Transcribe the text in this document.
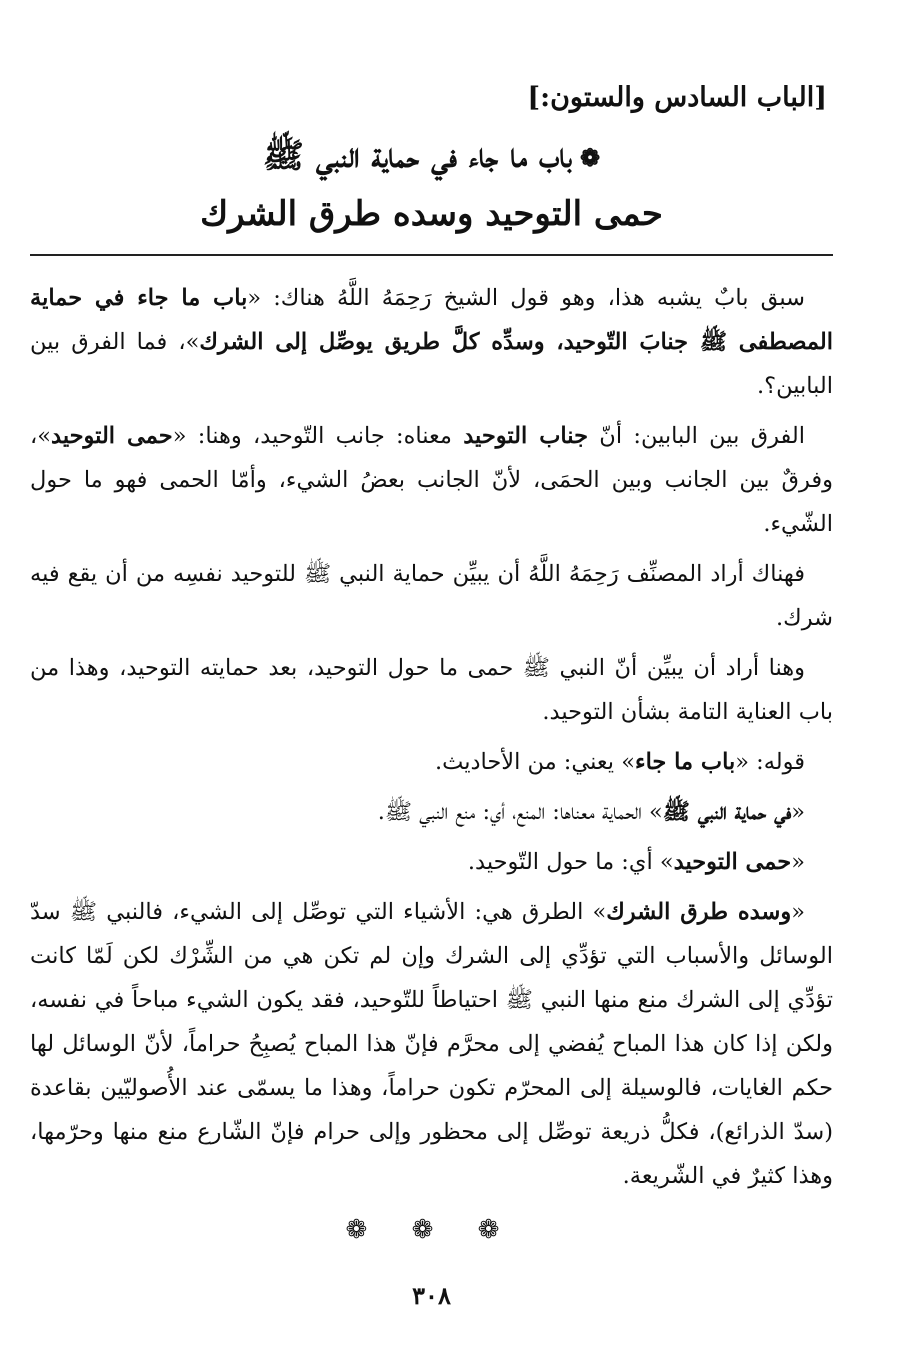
[الباب السادس والستون:]
❁باب ما جاء في حماية النبي ﷺ
حمى التوحيد وسده طرق الشرك

سبق بابٌ يشبه هذا، وهو قول الشيخ رَحِمَهُ اللَّهُ هناك: «باب ما جاء في حماية المصطفى ﷺ جنابَ التّوحيد، وسدِّه كلَّ طريق يوصِّل إلى الشرك»، فما الفرق بين البابين؟.

الفرق بين البابين: أنّ جناب التوحيد معناه: جانب التّوحيد، وهنا: «حمى التوحيد»، وفرقٌ بين الجانب وبين الحمَى، لأنّ الجانب بعضُ الشيء، وأمّا الحمى فهو ما حول الشّيء.

فهناك أراد المصنِّف رَحِمَهُ اللَّهُ أن يبيِّن حماية النبي ﷺ للتوحيد نفسِه من أن يقع فيه شرك.

وهنا أراد أن يبيِّن أنّ النبي ﷺ حمى ما حول التوحيد، بعد حمايته التوحيد، وهذا من باب العناية التامة بشأن التوحيد.

قوله: «باب ما جاء» يعني: من الأحاديث.

«في حماية النبي ﷺ» الحماية معناها: المنع، أي: منع النبي ﷺ.

«حمى التوحيد» أي: ما حول التّوحيد.

«وسده طرق الشرك» الطرق هي: الأشياء التي توصِّل إلى الشيء، فالنبي ﷺ سدّ الوسائل والأسباب التي تؤدِّي إلى الشرك وإن لم تكن هي من الشِّرْك لكن لَمّا كانت تؤدِّي إلى الشرك منع منها النبي ﷺ احتياطاً للتّوحيد، فقد يكون الشيء مباحاً في نفسه، ولكن إذا كان هذا المباح يُفضي إلى محرَّم فإنّ هذا المباح يُصبِحُ حراماً، لأنّ الوسائل لها حكم الغايات، فالوسيلة إلى المحرّم تكون حراماً، وهذا ما يسمّى عند الأُصوليّين بقاعدة (سدّ الذرائع)، فكلُّ ذريعة توصِّل إلى محظور وإلى حرام فإنّ الشّارع منع منها وحرّمها، وهذا كثيرٌ في الشّريعة.

❁ ❁ ❁
٣٠٨
